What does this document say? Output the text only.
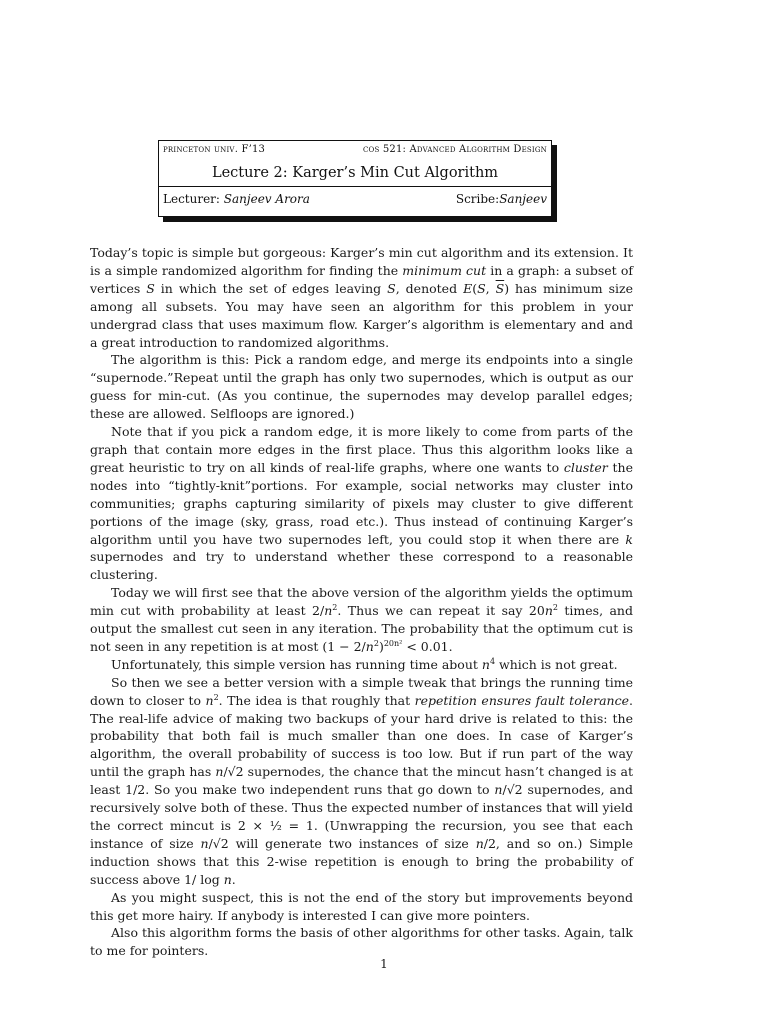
princeton univ. F’13	cos 521: Advanced Algorithm Design
Lecture 2: Karger’s Min Cut Algorithm
Lecturer: Sanjeev Arora	Scribe:Sanjeev

Today’s topic is simple but gorgeous: Karger’s min cut algorithm and its extension. It is a simple randomized algorithm for finding the minimum cut in a graph: a subset of vertices S in which the set of edges leaving S, denoted E(S, $\overline{S}$) has minimum size among all subsets. You may have seen an algorithm for this problem in your undergrad class that uses maximum flow. Karger’s algorithm is elementary and and a great introduction to randomized algorithms.

The algorithm is this: Pick a random edge, and merge its endpoints into a single “supernode.”Repeat until the graph has only two supernodes, which is output as our guess for min-cut. (As you continue, the supernodes may develop parallel edges; these are allowed. Selfloops are ignored.)

Note that if you pick a random edge, it is more likely to come from parts of the graph that contain more edges in the first place. Thus this algorithm looks like a great heuristic to try on all kinds of real-life graphs, where one wants to cluster the nodes into “tightly-knit”portions. For example, social networks may cluster into communities; graphs capturing similarity of pixels may cluster to give different portions of the image (sky, grass, road etc.). Thus instead of continuing Karger’s algorithm until you have two supernodes left, you could stop it when there are k supernodes and try to understand whether these correspond to a reasonable clustering.

Today we will first see that the above version of the algorithm yields the optimum min cut with probability at least $2/n^2$. Thus we can repeat it say $20n^2$ times, and output the smallest cut seen in any iteration. The probability that the optimum cut is not seen in any repetition is at most $(1 - 2/n^2)^{20n^2} < 0.01$.

Unfortunately, this simple version has running time about $n^4$ which is not great.

So then we see a better version with a simple tweak that brings the running time down to closer to $n^2$. The idea is that roughly that repetition ensures fault tolerance. The real-life advice of making two backups of your hard drive is related to this: the probability that both fail is much smaller than one does. In case of Karger’s algorithm, the overall probability of success is too low. But if run part of the way until the graph has n/√2 supernodes, the chance that the mincut hasn’t changed is at least 1/2. So you make two independent runs that go down to n/√2 supernodes, and recursively solve both of these. Thus the expected number of instances that will yield the correct mincut is 2 × ½ = 1. (Unwrapping the recursion, you see that each instance of size n/√2 will generate two instances of size n/2, and so on.) Simple induction shows that this 2-wise repetition is enough to bring the probability of success above 1/ log n.

As you might suspect, this is not the end of the story but improvements beyond this get more hairy. If anybody is interested I can give more pointers.

Also this algorithm forms the basis of other algorithms for other tasks. Again, talk to me for pointers.

1
